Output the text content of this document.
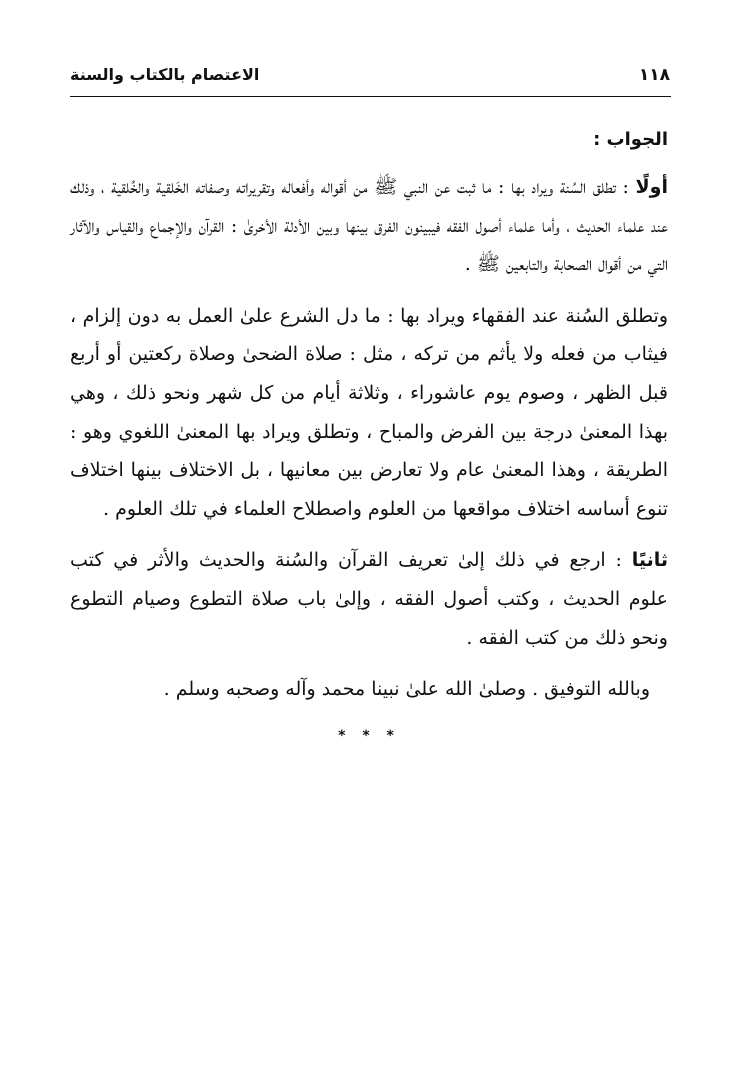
١١٨
الاعتصام بالكتاب والسنة

الجواب :

أولًا : تطلق السُنة ويراد بها : ما ثبت عن النبي ﷺ من أقواله وأفعاله وتقريراته وصفاته الخَلقية والخُلقية ، وذلك عند علماء الحديث ، وأما علماء أصول الفقه فيبينون الفرق بينها وبين الأدلة الأخرىٰ : القرآن والإجماع والقياس والآثار التي من أقوال الصحابة والتابعين ﷺ .

وتطلق السُنة عند الفقهاء ويراد بها : ما دل الشرع علىٰ العمل به دون إلزام ، فيثاب من فعله ولا يأثم من تركه ، مثل : صلاة الضحىٰ وصلاة ركعتين أو أربع قبل الظهر ، وصوم يوم عاشوراء ، وثلاثة أيام من كل شهر ونحو ذلك ، وهي بهذا المعنىٰ درجة بين الفرض والمباح ، وتطلق ويراد بها المعنىٰ اللغوي وهو : الطريقة ، وهذا المعنىٰ عام ولا تعارض بين معانيها ، بل الاختلاف بينها اختلاف تنوع أساسه اختلاف مواقعها من العلوم واصطلاح العلماء في تلك العلوم .

ثانيًا : ارجع في ذلك إلىٰ تعريف القرآن والسُنة والحديث والأثر في كتب علوم الحديث ، وكتب أصول الفقه ، وإلىٰ باب صلاة التطوع وصيام التطوع ونحو ذلك من كتب الفقه .

وبالله التوفيق . وصلىٰ الله علىٰ نبينا محمد وآله وصحبه وسلم .

* * *
